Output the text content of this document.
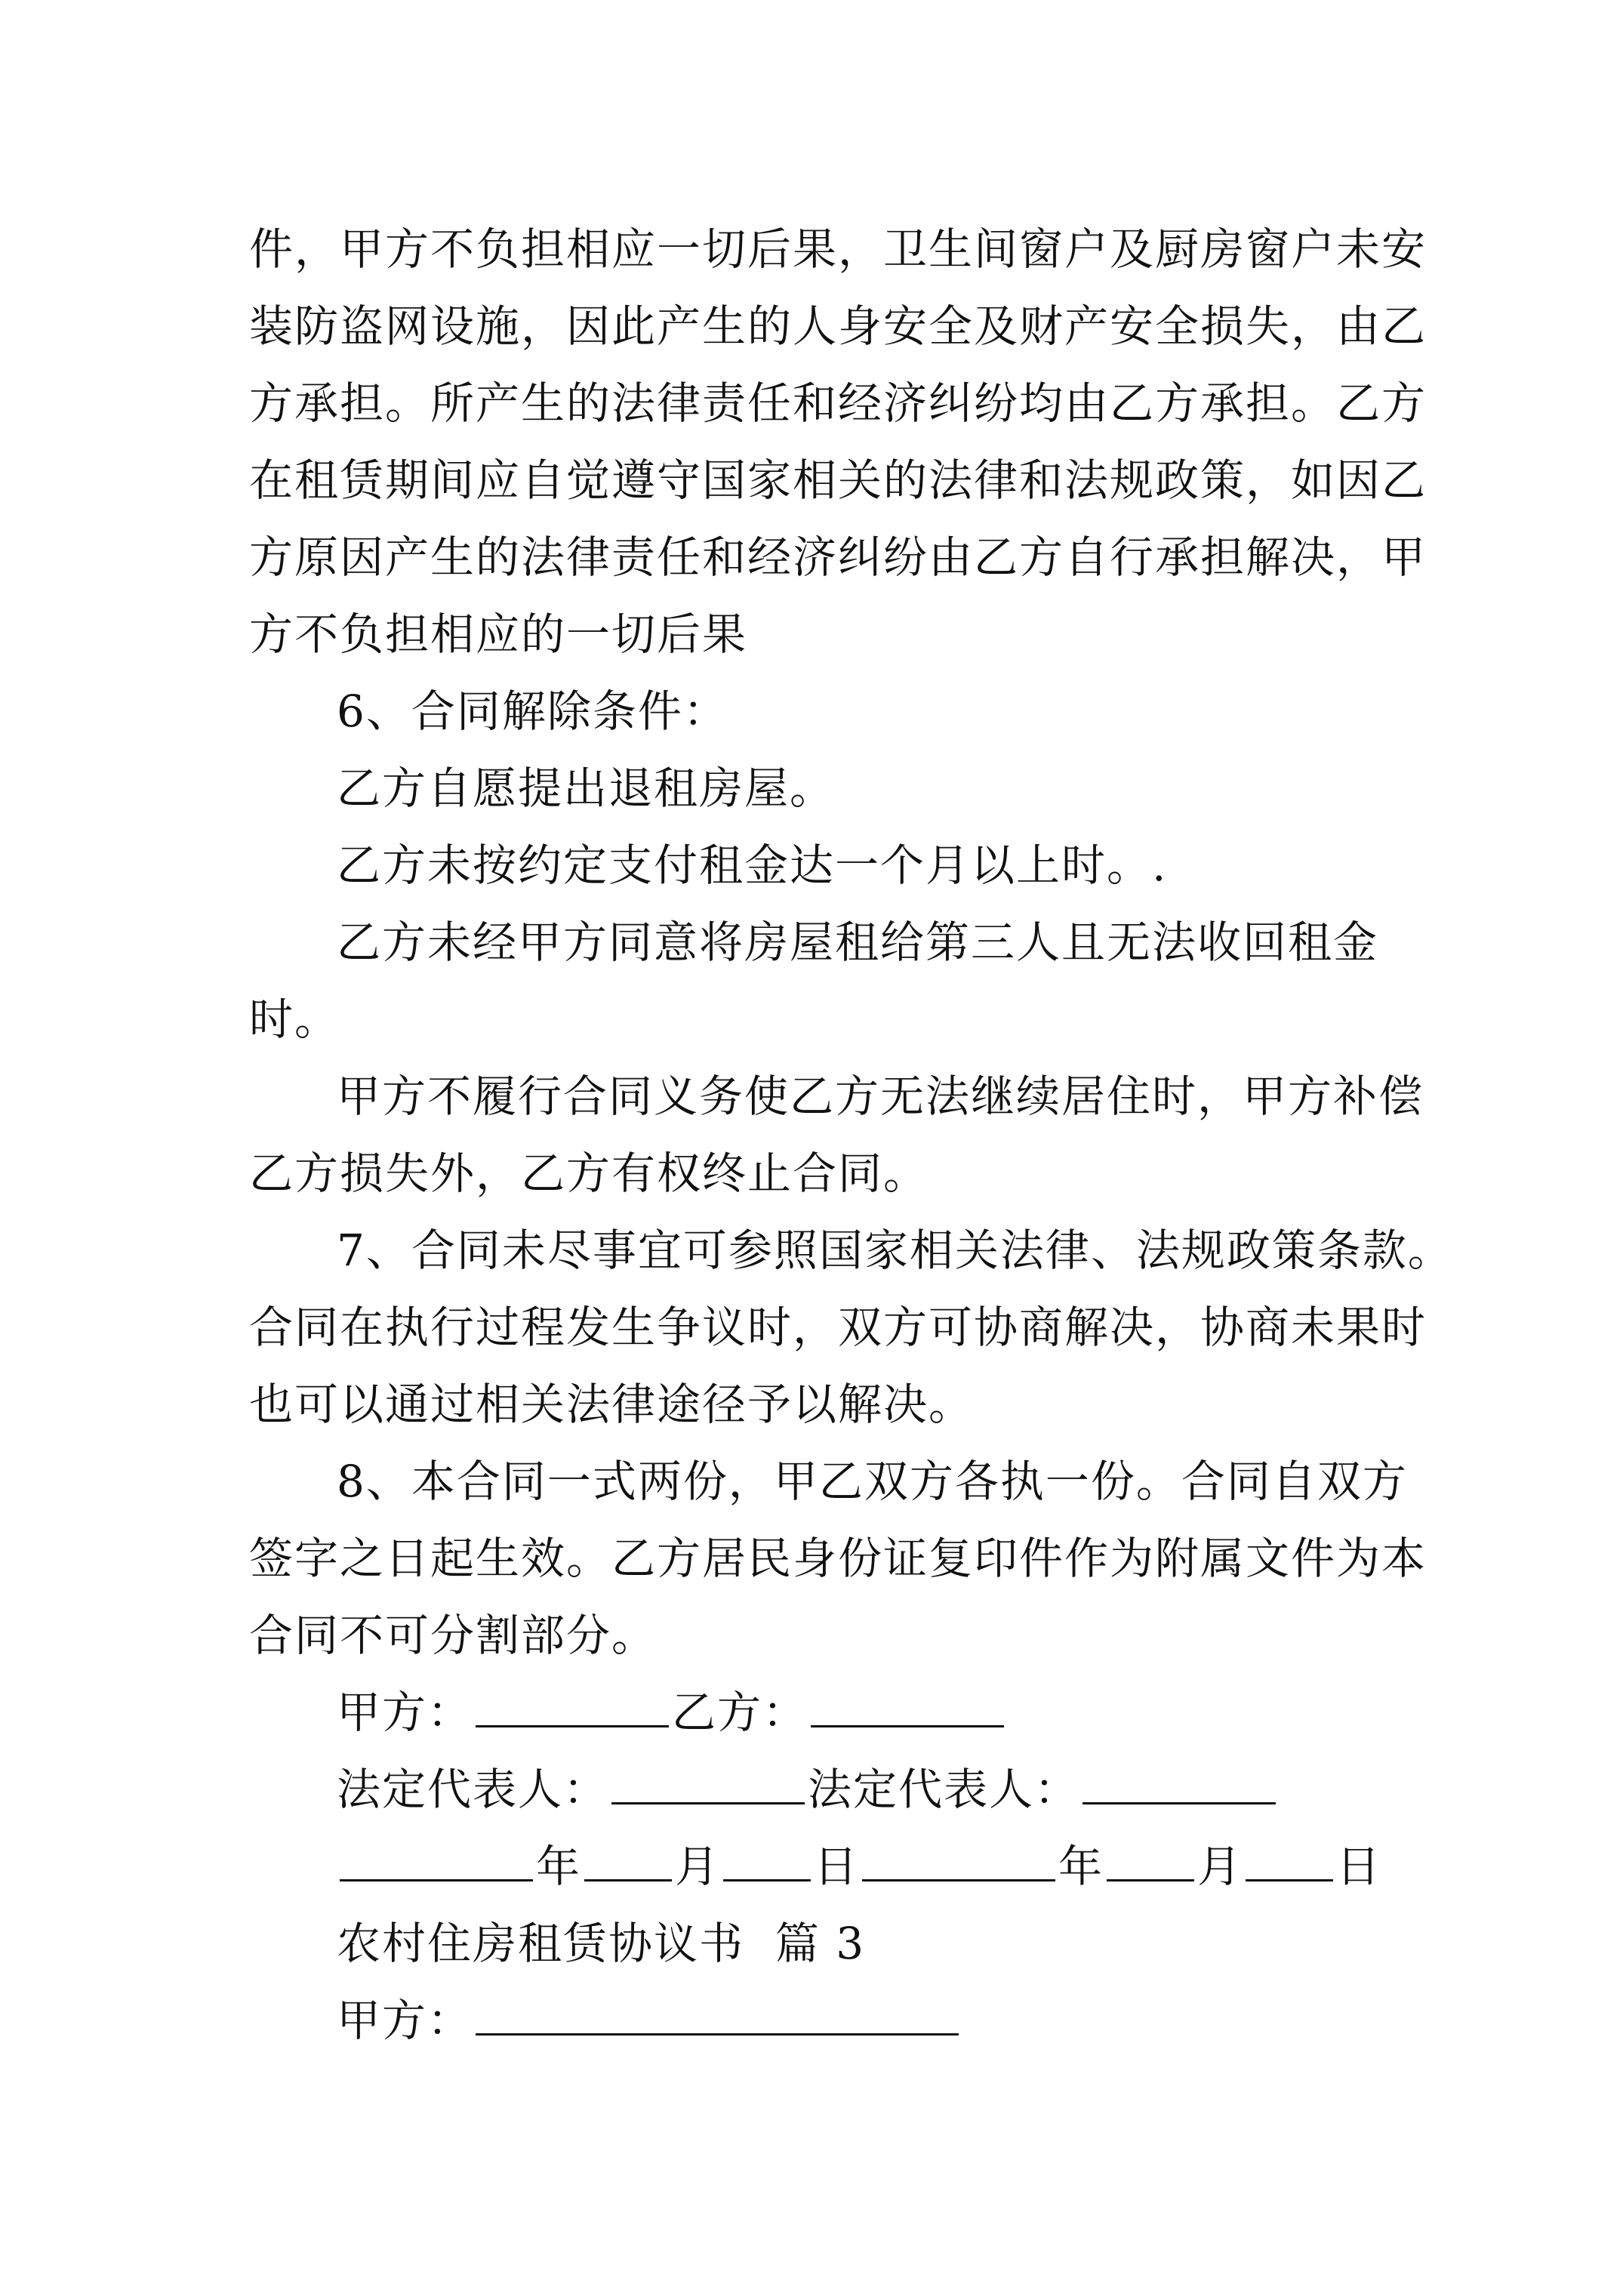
件，甲方不负担相应一切后果，卫生间窗户及厨房窗户未安
装防盗网设施，因此产生的人身安全及财产安全损失，由乙
方承担。所产生的法律责任和经济纠纷均由乙方承担。乙方
在租赁期间应自觉遵守国家相关的法律和法规政策，如因乙
方原因产生的法律责任和经济纠纷由乙方自行承担解决，甲
方不负担相应的一切后果
6、合同解除条件：
乙方自愿提出退租房屋。
乙方未按约定支付租金达一个月以上时。.
乙方未经甲方同意将房屋租给第三人且无法收回租金
时。
甲方不履行合同义务使乙方无法继续居住时，甲方补偿
乙方损失外，乙方有权终止合同。
7、合同未尽事宜可参照国家相关法律、法规政策条款。
合同在执行过程发生争议时，双方可协商解决，协商未果时
也可以通过相关法律途径予以解决。
8、本合同一式两份，甲乙双方各执一份。合同自双方
签字之日起生效。乙方居民身份证复印件作为附属文件为本
合同不可分割部分。
甲方：	乙方：
法定代表人：	法定代表人：
年 月 日	年 月 日
农村住房租赁协议书  篇 3
甲方：
